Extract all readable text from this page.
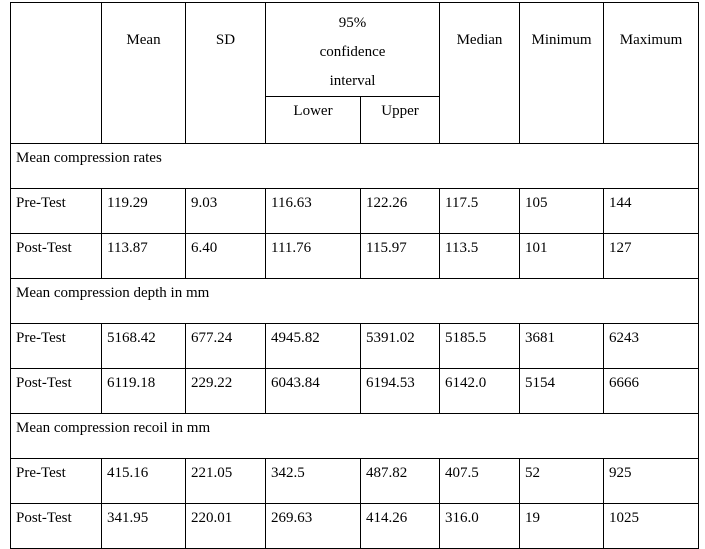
	Mean	SD	95% confidence interval		Median	Minimum	Maximum
			Lower	Upper			
Mean compression rates							
Pre-Test	119.29	9.03	116.63	122.26	117.5	105	144
Post-Test	113.87	6.40	111.76	115.97	113.5	101	127
Mean compression depth in mm							
Pre-Test	5168.42	677.24	4945.82	5391.02	5185.5	3681	6243
Post-Test	6119.18	229.22	6043.84	6194.53	6142.0	5154	6666
Mean compression recoil in mm							
Pre-Test	415.16	221.05	342.5	487.82	407.5	52	925
Post-Test	341.95	220.01	269.63	414.26	316.0	19	1025
